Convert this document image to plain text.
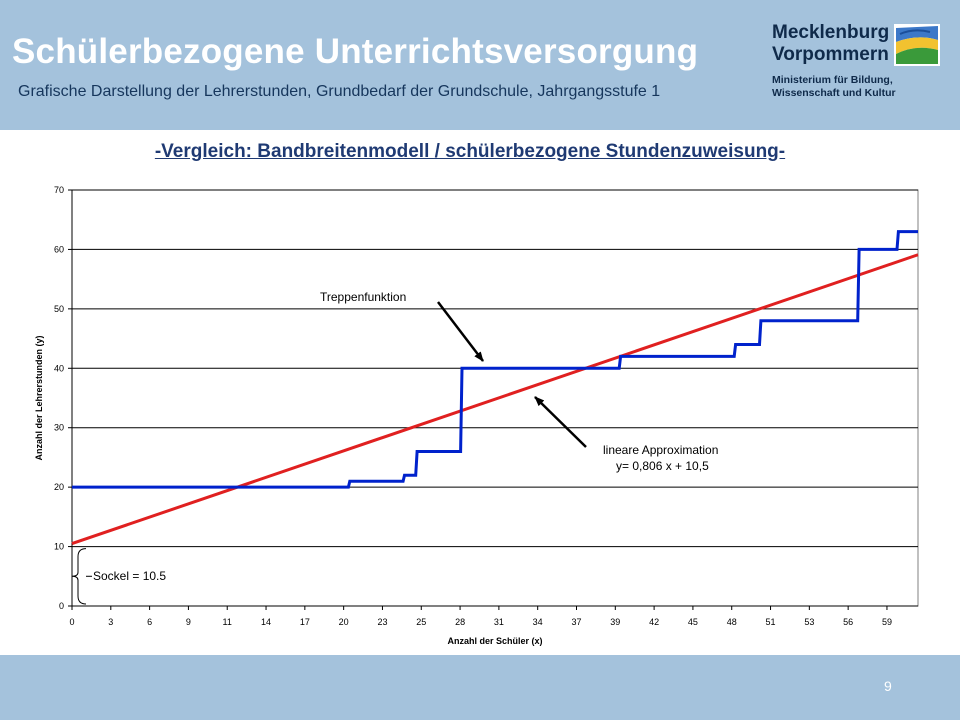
Schülerbezogene Unterrichtsversorgung
Grafische Darstellung der Lehrerstunden, Grundbedarf der Grundschule, Jahrgangsstufe 1
Mecklenburg
Vorpommern
Ministerium für Bildung,
Wissenschaft und Kultur
-Vergleich: Bandbreitenmodell / schülerbezogene Stundenzuweisung-
0
10
20
30
40
50
60
70
0	3	6	9	11	14	17	20	23	25	28	31	34	37	39	42	45	48	51	53	56	59
Treppenfunktion
lineare Approximation
y= 0,806 x + 10,5
Sockel = 10.5
Anzahl der Schüler (x)
Anzahl der Lehrerstunden (y)
9
